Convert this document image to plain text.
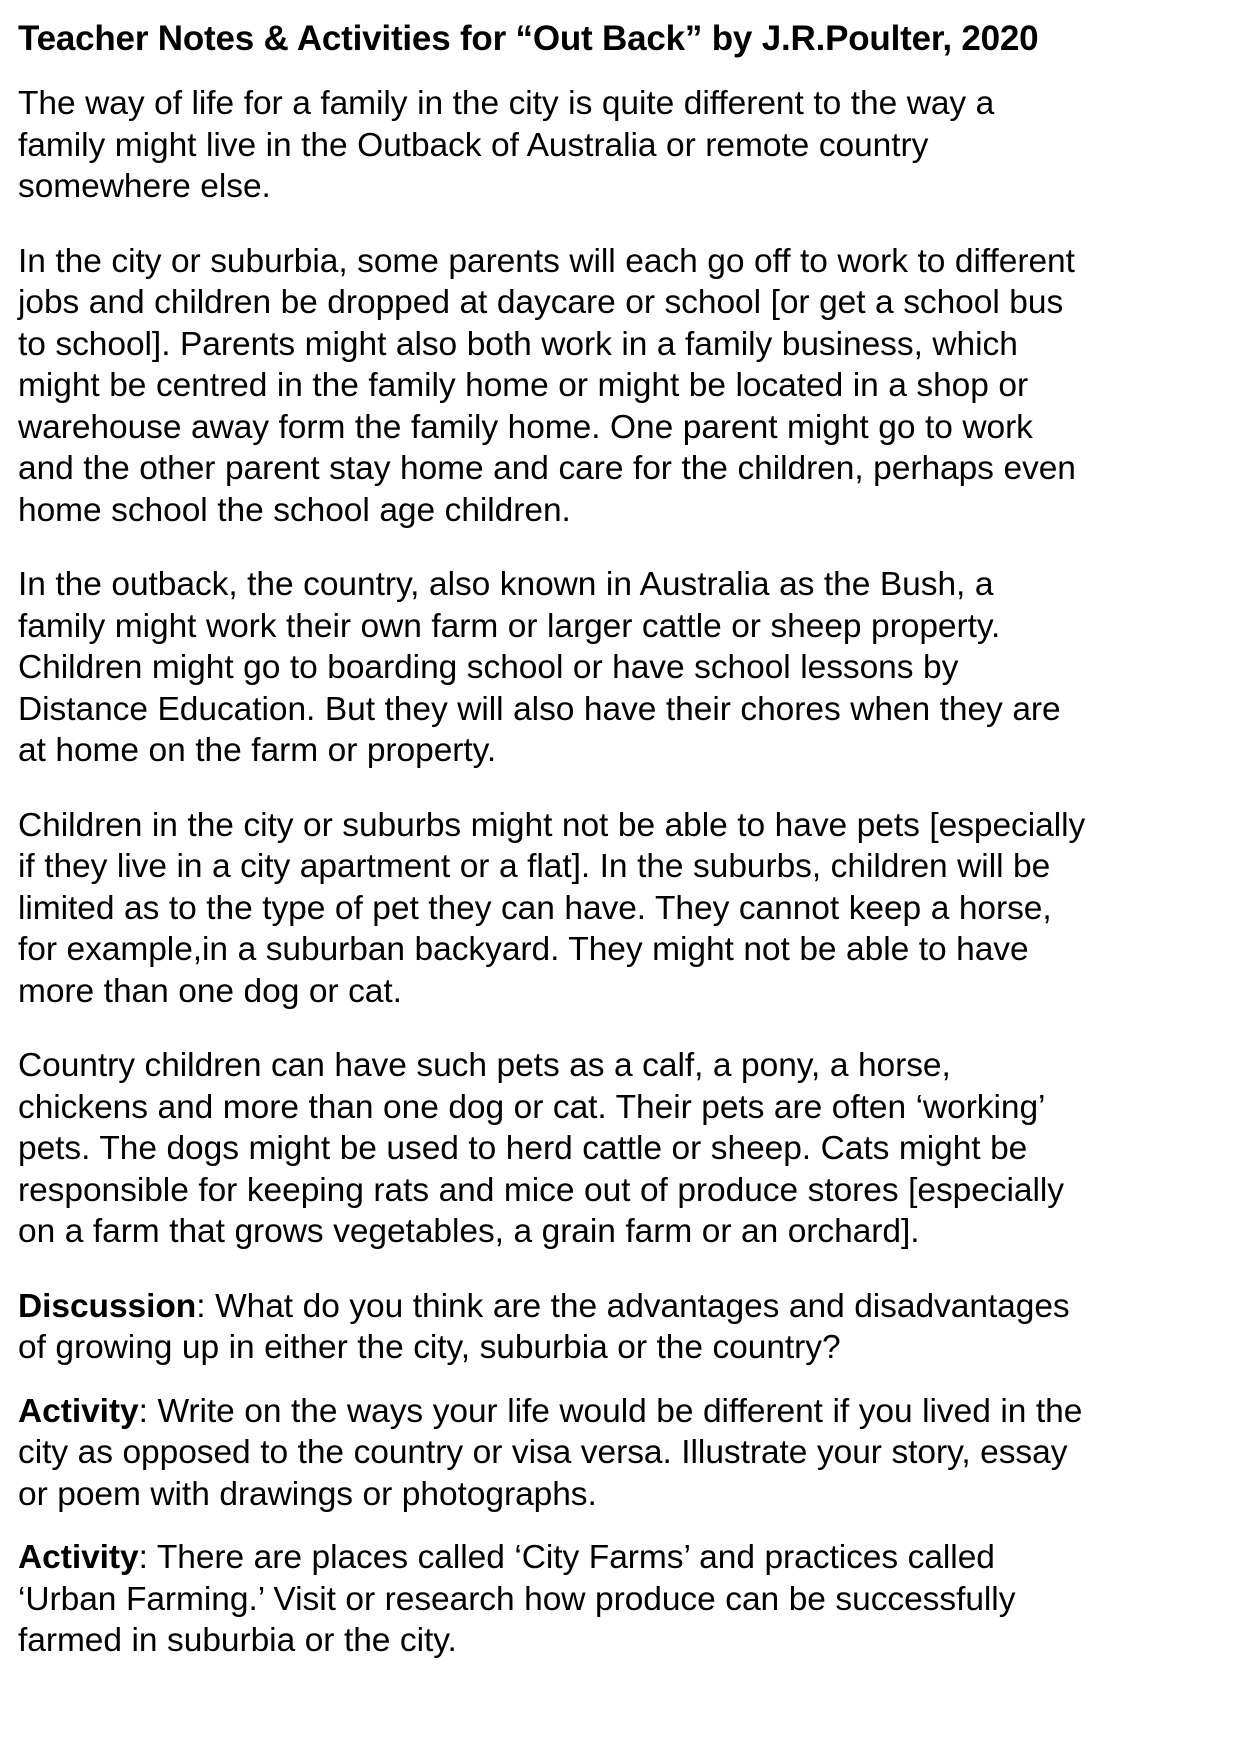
Teacher Notes & Activities for “Out Back” by J.R.Poulter, 2020

The way of life for a family in the city is quite different to the way a family might live in the Outback of Australia or remote country somewhere else.

In the city or suburbia, some parents will each go off to work to different jobs and children be dropped at daycare or school [or get a school bus to school]. Parents might also both work in a family business, which might be centred in the family home or might be located in a shop or warehouse away form the family home. One parent might go to work and the other parent stay home and care for the children, perhaps even home school the school age children.

In the outback, the country, also known in Australia as the Bush, a family might work their own farm or larger cattle or sheep property. Children might go to boarding school or have school lessons by Distance Education. But they will also have their chores when they are at home on the farm or property.

Children in the city or suburbs might not be able to have pets [especially if they live in a city apartment or a flat]. In the suburbs, children will be limited as to the type of pet they can have. They cannot keep a horse, for example,in a suburban backyard. They might not be able to have more than one dog or cat.

Country children can have such pets as a calf, a pony, a horse, chickens and more than one dog or cat. Their pets are often ‘working’ pets. The dogs might be used to herd cattle or sheep. Cats might be responsible for keeping rats and mice out of produce stores [especially on a farm that grows vegetables, a grain farm or an orchard].

Discussion: What do you think are the advantages and disadvantages of growing up in either the city, suburbia or the country?

Activity: Write on the ways your life would be different if you lived in the city as opposed to the country or visa versa. Illustrate your story, essay or poem with drawings or photographs.

Activity: There are places called ‘City Farms’ and practices called ‘Urban Farming.’ Visit or research how produce can be successfully farmed in suburbia or the city.
